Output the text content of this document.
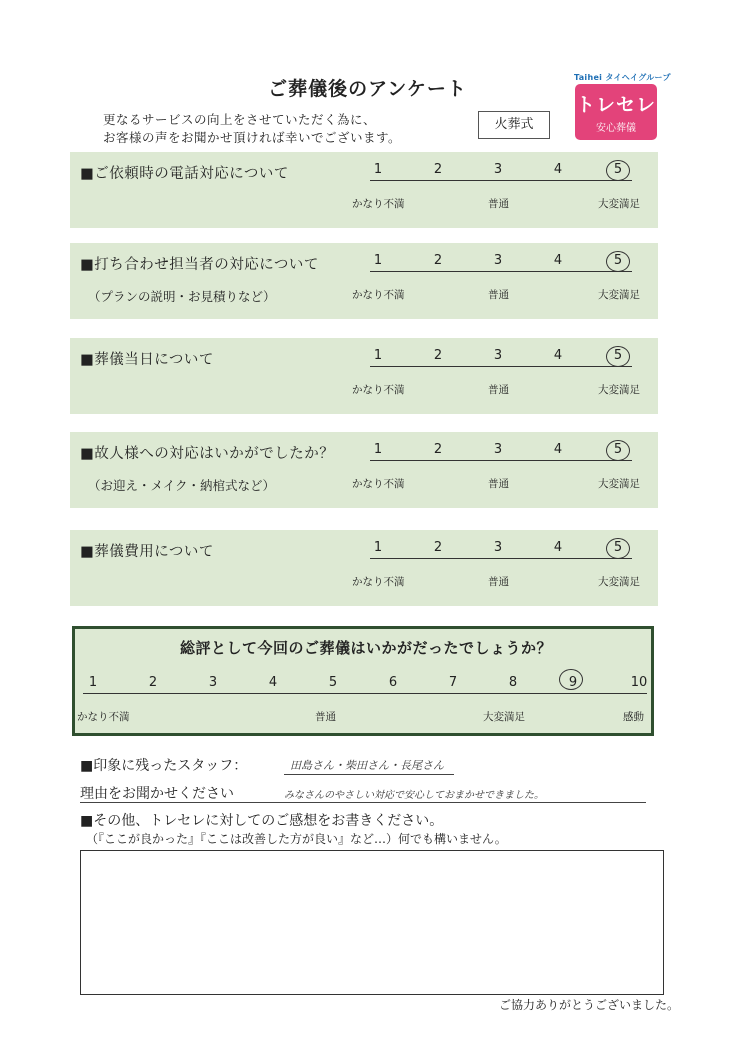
ご葬儀後のアンケート
更なるサービスの向上をさせていただく為に、
お客様の声をお聞かせ頂ければ幸いでございます。
火葬式
Taihei タイヘイグループ
トレセレ
安心葬儀
■ご依頼時の電話対応について	1	2	3	4	5
かなり不満	普通	大変満足
■打ち合わせ担当者の対応について
（プランの説明・お見積りなど）
1	2	3	4	5
かなり不満	普通	大変満足
■葬儀当日について	1	2	3	4	5
かなり不満	普通	大変満足
■故人様への対応はいかがでしたか？
（お迎え・メイク・納棺式など）
1	2	3	4	5
かなり不満	普通	大変満足
■葬儀費用について	1	2	3	4	5
かなり不満	普通	大変満足
総評として今回のご葬儀はいかがだったでしょうか？
1	2	3	4	5	6	7	8	9	10
かなり不満	普通	大変満足	感動
■印象に残ったスタッフ：	田島さん・柴田さん・長尾さん
理由をお聞かせください	みなさんのやさしい対応で安心しておまかせできました。
■その他、トレセレに対してのご感想をお書きください。
（『ここが良かった』『ここは改善した方が良い』など…）何でも構いません。
ご協力ありがとうございました。
